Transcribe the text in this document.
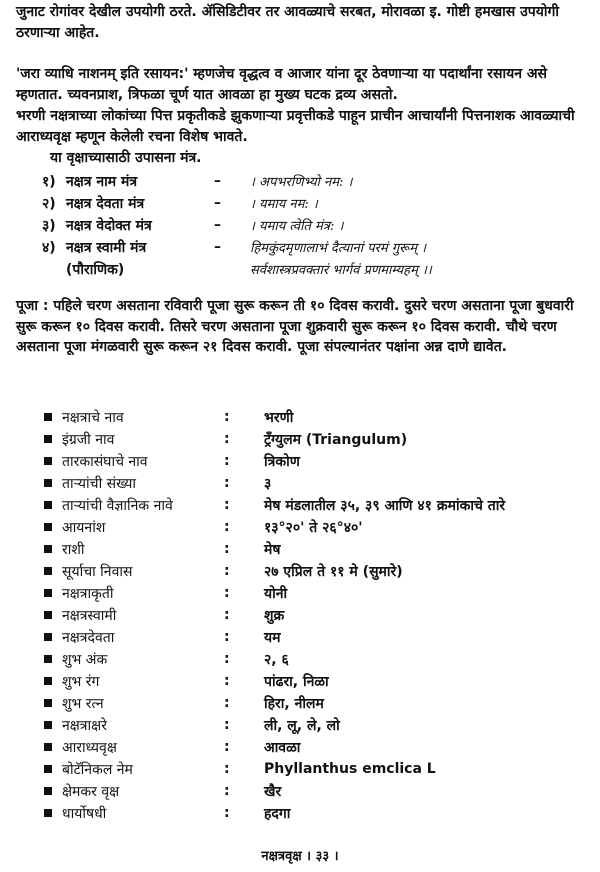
जुनाट रोगांवर देखील उपयोगी ठरते. ॲसिडिटीवर तर आवळ्याचे सरबत, मोरावळा इ. गोष्टी हमखास उपयोगी ठरणाऱ्या आहेत.

'जरा व्याधि नाशनम् इति रसायन:' म्हणजेच वृद्धत्व व आजार यांना दूर ठेवणाऱ्या या पदार्थांना रसायन असे म्हणतात. च्यवनप्राश, त्रिफळा चूर्ण यात आवळा हा मुख्य घटक द्रव्य असतो.

भरणी नक्षत्राच्या लोकांच्या पित्त प्रकृतीकडे झुकणाऱ्या प्रवृत्तीकडे पाहून प्राचीन आचार्यांनी पित्तनाशक आवळ्याची आराध्यवृक्ष म्हणून केलेली रचना विशेष भावते.

या वृक्षाच्यासाठी उपासना मंत्र.

१) नक्षत्र नाम मंत्र	–	। अपभरणिभ्यो नम: ।
२) नक्षत्र देवता मंत्र	–	। यमाय नम: ।
३) नक्षत्र वेदोक्त मंत्र	–	। यमाय त्वेति मंत्र: ।
४) नक्षत्र स्वामी मंत्र	–	हिमकुंदमृणालाभं दैत्यानां परमं गुरूम् ।
(पौराणिक)	सर्वशास्त्रप्रवक्तारं भार्गवं प्रणमाम्यहम् ।।

पूजा : पहिले चरण असताना रविवारी पूजा सुरू करून ती १० दिवस करावी. दुसरे चरण असताना पूजा बुधवारी सुरू करून १० दिवस करावी. तिसरे चरण असताना पूजा शुक्रवारी सुरू करून १० दिवस करावी. चौथे चरण असताना पूजा मंगळवारी सुरू करून २१ दिवस करावी. पूजा संपल्यानंतर पक्षांना अन्न दाणे द्यावेत.

नक्षत्राचे नाव	:	भरणी
इंग्रजी नाव	:	ट्रँग्युलम (Triangulum)
तारकासंघाचे नाव	:	त्रिकोण
ताऱ्यांची संख्या	:	३
ताऱ्यांची वैज्ञानिक नावे	:	मेष मंडलातील ३५, ३९ आणि ४१ क्रमांकाचे तारे
आयनांश	:	१३°२०' ते २६°४०'
राशी	:	मेष
सूर्याचा निवास	:	२७ एप्रिल ते ११ मे (सुमारे)
नक्षत्राकृती	:	योनी
नक्षत्रस्वामी	:	शुक्र
नक्षत्रदेवता	:	यम
शुभ अंक	:	२, ६
शुभ रंग	:	पांढरा, निळा
शुभ रत्न	:	हिरा, नीलम
नक्षत्राक्षरे	:	ली, लू, ले, लो
आराध्यवृक्ष	:	आवळा
बोटॅनिकल नेम	:	Phyllanthus emclica L
क्षेमकर वृक्ष	:	खैर
धार्योषधी	:	हदगा
नक्षत्रवृक्ष । ३३ ।
